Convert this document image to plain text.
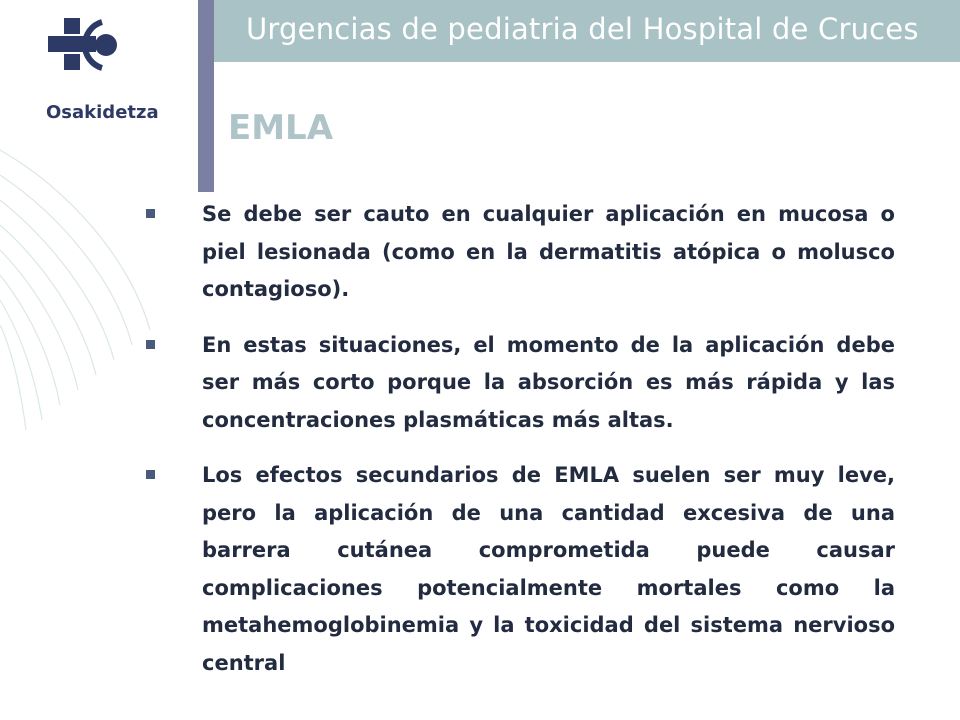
Urgencias de pediatria del Hospital de Cruces
Osakidetza EMLA
Se debe ser cauto en cualquier aplicación en mucosa o piel lesionada (como en la dermatitis atópica o molusco contagioso).
En estas situaciones, el momento de la aplicación debe ser más corto porque la absorción es más rápida y las concentraciones plasmáticas más altas.
Los efectos secundarios de EMLA suelen ser muy leve, pero la aplicación de una cantidad excesiva de una barrera cutánea comprometida puede causar complicaciones potencialmente mortales como la metahemoglobinemia y la toxicidad del sistema nervioso central
